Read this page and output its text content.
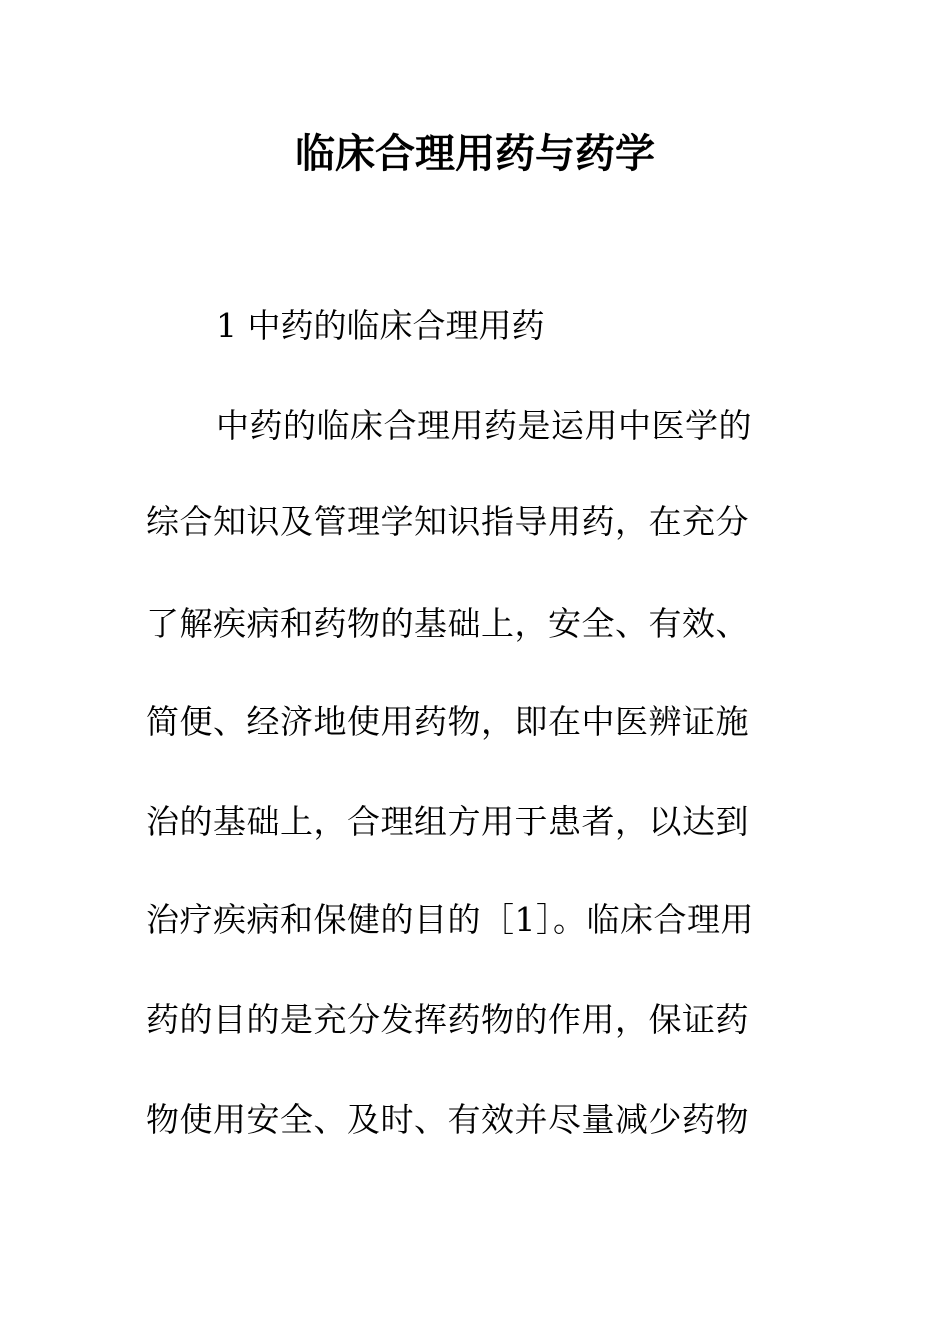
临床合理用药与药学
1 中药的临床合理用药
中药的临床合理用药是运用中医学的
综合知识及管理学知识指导用药，在充分
了解疾病和药物的基础上，安全、有效、
简便、经济地使用药物，即在中医辨证施
治的基础上，合理组方用于患者，以达到
治疗疾病和保健的目的［1］。临床合理用
药的目的是充分发挥药物的作用，保证药
物使用安全、及时、有效并尽量减少药物
